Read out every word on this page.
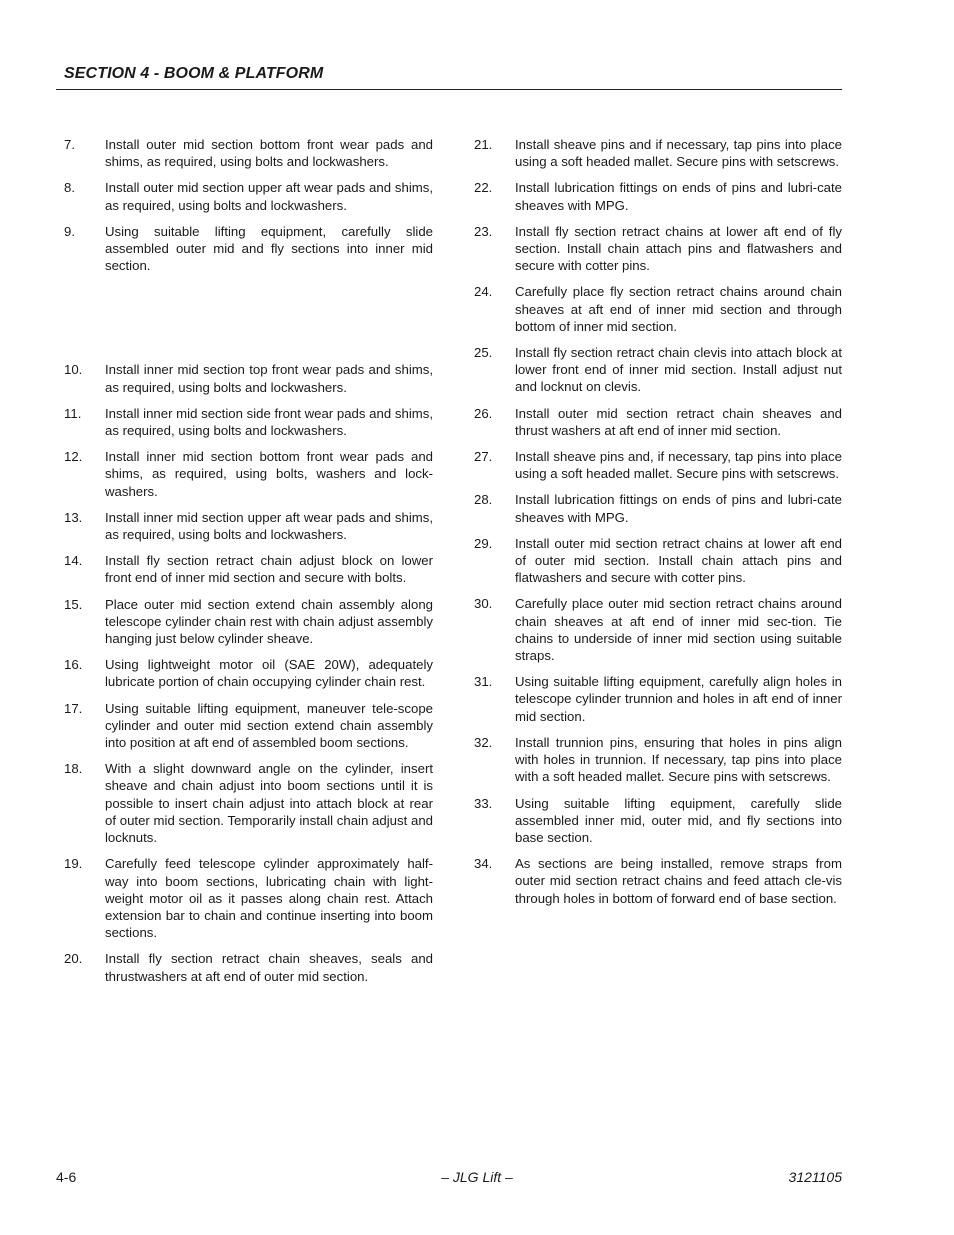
SECTION 4 - BOOM & PLATFORM
7.	Install outer mid section bottom front wear pads and shims, as required, using bolts and lockwashers.
8.	Install outer mid section upper aft wear pads and shims, as required, using bolts and lockwashers.
9.	Using suitable lifting equipment, carefully slide assembled outer mid and fly sections into inner mid section.
10.	Install inner mid section top front wear pads and shims, as required, using bolts and lockwashers.
11.	Install inner mid section side front wear pads and shims, as required, using bolts and lockwashers.
12.	Install inner mid section bottom front wear pads and shims, as required, using bolts, washers and lock-washers.
13.	Install inner mid section upper aft wear pads and shims, as required, using bolts and lockwashers.
14.	Install fly section retract chain adjust block on lower front end of inner mid section and secure with bolts.
15.	Place outer mid section extend chain assembly along telescope cylinder chain rest with chain adjust assembly hanging just below cylinder sheave.
16.	Using lightweight motor oil (SAE 20W), adequately lubricate portion of chain occupying cylinder chain rest.
17.	Using suitable lifting equipment, maneuver tele-scope cylinder and outer mid section extend chain assembly into position at aft end of assembled boom sections.
18.	With a slight downward angle on the cylinder, insert sheave and chain adjust into boom sections until it is possible to insert chain adjust into attach block at rear of outer mid section. Temporarily install chain adjust and locknuts.
19.	Carefully feed telescope cylinder approximately half-way into boom sections, lubricating chain with light-weight motor oil as it passes along chain rest. Attach extension bar to chain and continue inserting into boom sections.
20.	Install fly section retract chain sheaves, seals and thrustwashers at aft end of outer mid section.
21.	Install sheave pins and if necessary, tap pins into place using a soft headed mallet. Secure pins with setscrews.
22.	Install lubrication fittings on ends of pins and lubri-cate sheaves with MPG.
23.	Install fly section retract chains at lower aft end of fly section. Install chain attach pins and flatwashers and secure with cotter pins.
24.	Carefully place fly section retract chains around chain sheaves at aft end of inner mid section and through bottom of inner mid section.
25.	Install fly section retract chain clevis into attach block at lower front end of inner mid section. Install adjust nut and locknut on clevis.
26.	Install outer mid section retract chain sheaves and thrust washers at aft end of inner mid section.
27.	Install sheave pins and, if necessary, tap pins into place using a soft headed mallet. Secure pins with setscrews.
28.	Install lubrication fittings on ends of pins and lubri-cate sheaves with MPG.
29.	Install outer mid section retract chains at lower aft end of outer mid section. Install chain attach pins and flatwashers and secure with cotter pins.
30.	Carefully place outer mid section retract chains around chain sheaves at aft end of inner mid sec-tion. Tie chains to underside of inner mid section using suitable straps.
31.	Using suitable lifting equipment, carefully align holes in telescope cylinder trunnion and holes in aft end of inner mid section.
32.	Install trunnion pins, ensuring that holes in pins align with holes in trunnion. If necessary, tap pins into place with a soft headed mallet. Secure pins with setscrews.
33.	Using suitable lifting equipment, carefully slide assembled inner mid, outer mid, and fly sections into base section.
34.	As sections are being installed, remove straps from outer mid section retract chains and feed attach cle-vis through holes in bottom of forward end of base section.
4-6	– JLG Lift –	3121105
